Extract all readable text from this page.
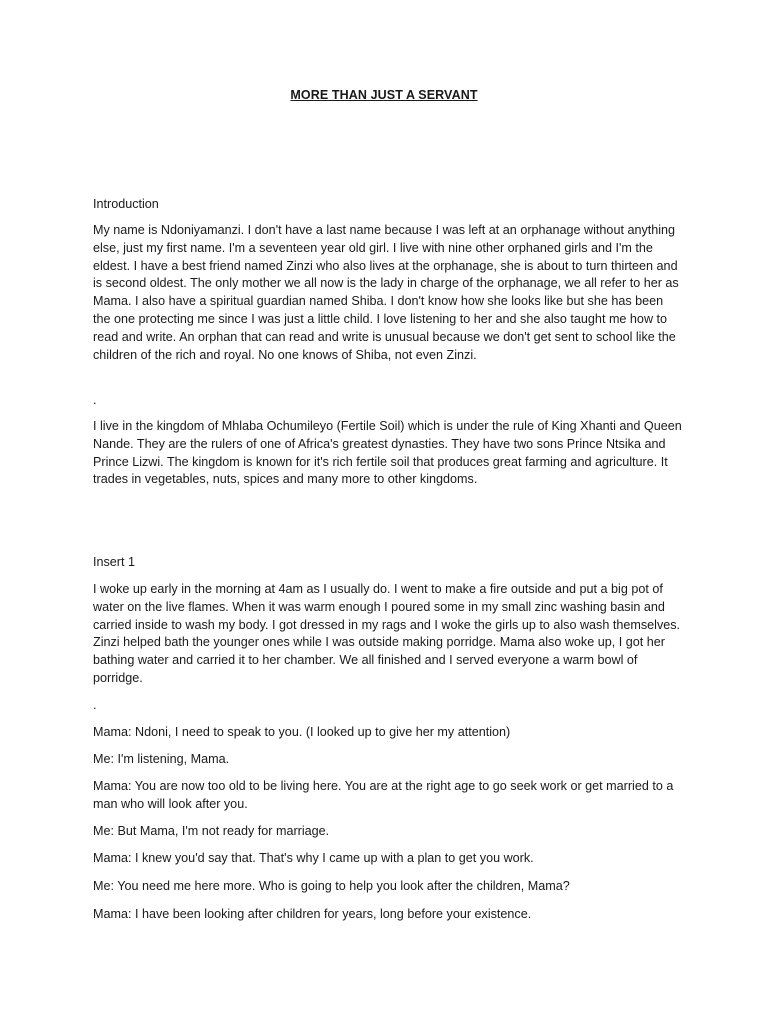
MORE THAN JUST A SERVANT

Introduction

My name is Ndoniyamanzi. I don't have a last name because I was left at an orphanage without anything else, just my first name. I'm a seventeen year old girl. I live with nine other orphaned girls and I'm the eldest. I have a best friend named Zinzi who also lives at the orphanage, she is about to turn thirteen and is second oldest. The only mother we all now is the lady in charge of the orphanage, we all refer to her as Mama. I also have a spiritual guardian named Shiba. I don't know how she looks like but she has been the one protecting me since I was just a little child. I love listening to her and she also taught me how to read and write. An orphan that can read and write is unusual because we don't get sent to school like the children of the rich and royal. No one knows of Shiba, not even Zinzi.

.

I live in the kingdom of Mhlaba Ochumileyo (Fertile Soil) which is under the rule of King Xhanti and Queen Nande. They are the rulers of one of Africa's greatest dynasties. They have two sons Prince Ntsika and Prince Lizwi. The kingdom is known for it's rich fertile soil that produces great farming and agriculture. It trades in vegetables, nuts, spices and many more to other kingdoms.

Insert 1

I woke up early in the morning at 4am as I usually do. I went to make a fire outside and put a big pot of water on the live flames. When it was warm enough I poured some in my small zinc washing basin and carried inside to wash my body. I got dressed in my rags and I woke the girls up to also wash themselves. Zinzi helped bath the younger ones while I was outside making porridge. Mama also woke up, I got her bathing water and carried it to her chamber. We all finished and I served everyone a warm bowl of porridge.

.

Mama: Ndoni, I need to speak to you. (I looked up to give her my attention)

Me: I'm listening, Mama.

Mama: You are now too old to be living here. You are at the right age to go seek work or get married to a man who will look after you.

Me: But Mama, I'm not ready for marriage.

Mama: I knew you'd say that. That's why I came up with a plan to get you work.

Me: You need me here more. Who is going to help you look after the children, Mama?

Mama: I have been looking after children for years, long before your existence.
